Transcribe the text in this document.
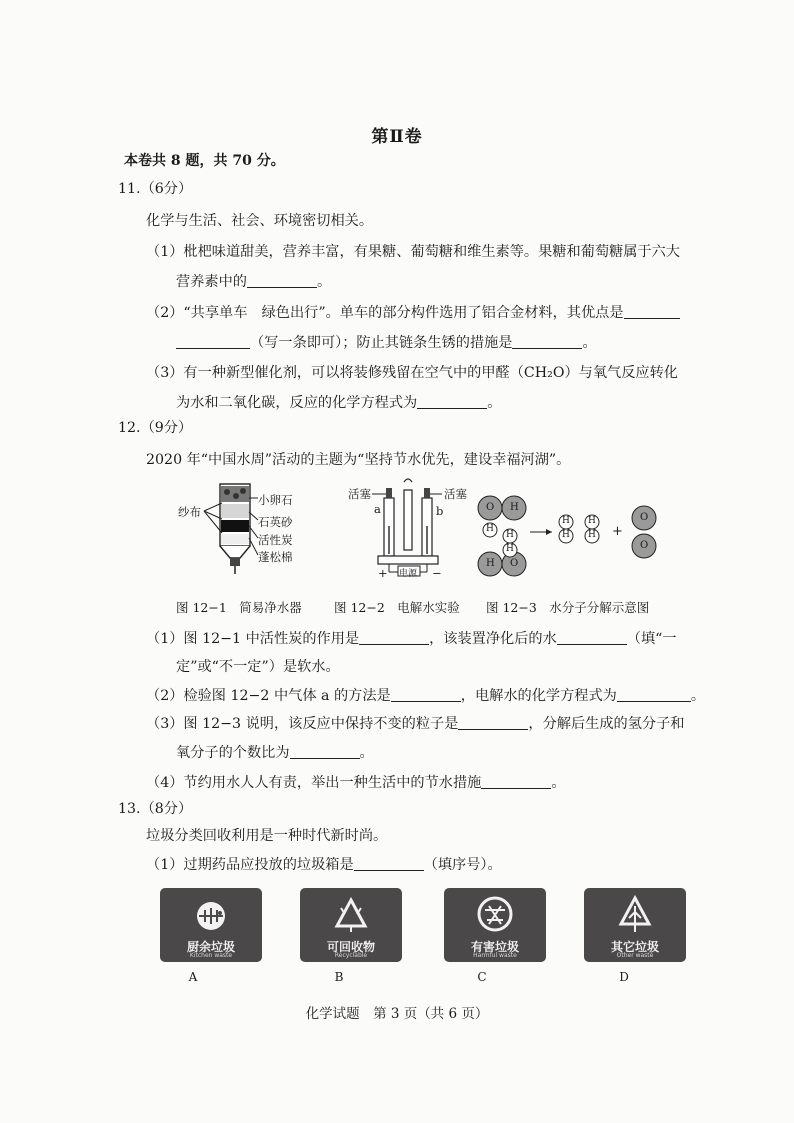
第Ⅱ卷
本卷共 8 题，共 70 分。
11.（6分）
化学与生活、社会、环境密切相关。
（1）枇杷味道甜美，营养丰富，有果糖、葡萄糖和维生素等。果糖和葡萄糖属于六大
营养素中的	。
（2）“共享单车　绿色出行”。单车的部分构件选用了铝合金材料，其优点是
（写一条即可）；防止其链条生锈的措施是	。
（3）有一种新型催化剂，可以将装修残留在空气中的甲醛（CH₂O）与氧气反应转化
为水和二氧化碳，反应的化学方程式为	。
12.（9分）
2020 年“中国水周”活动的主题为“坚持节水优先，建设幸福河湖”。
纱布
小卵石
石英砂
活性炭
蓬松棉
活塞	活塞
a	b
+ 电源 −
O H
H
H
H
H O
H
H
H
H +
O
O
图 12−1　简易净水器	图 12−2　电解水实验 图 12−3　水分子分解示意图
（1）图 12−1 中活性炭的作用是	，该装置净化后的水	（填“一
定”或“不一定”）是软水。
（2）检验图 12−2 中气体 a 的方法是	，电解水的化学方程式为	。
（3）图 12−3 说明，该反应中保持不变的粒子是	，分解后生成的氢分子和
氧分子的个数比为	。
（4）节约用水人人有责，举出一种生活中的节水措施	。
13.（8分）
垃圾分类回收利用是一种时代新时尚。
（1）过期药品应投放的垃圾箱是	（填序号）。
厨余垃圾
Kitchen waste
可回收物
Recyclable
有害垃圾
Harmful waste
其它垃圾
Other waste
A	B	C	D
化学试题　第 3 页（共 6 页）
